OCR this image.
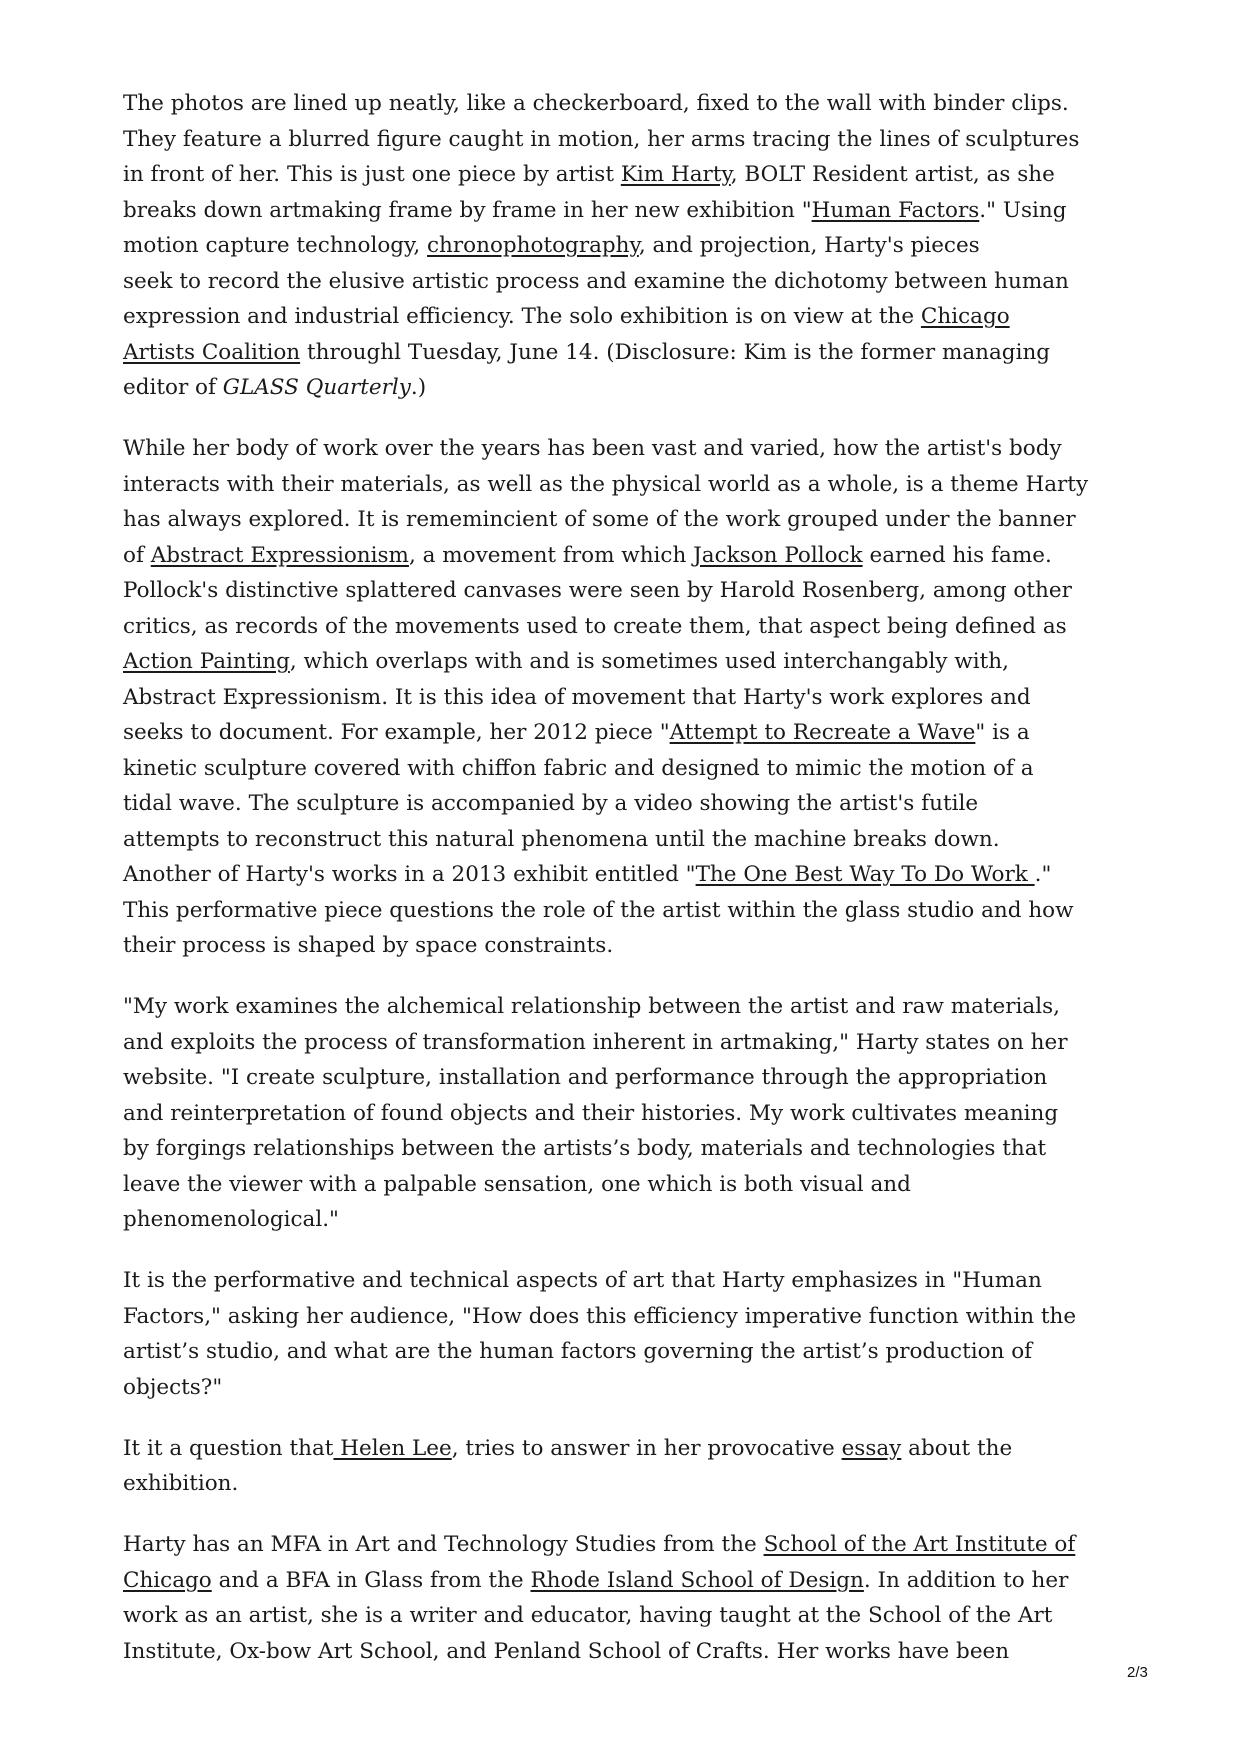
The photos are lined up neatly, like a checkerboard, fixed to the wall with binder clips.
They feature a blurred figure caught in motion, her arms tracing the lines of sculptures
in front of her. This is just one piece by artist Kim Harty, BOLT Resident artist, as she
breaks down artmaking frame by frame in her new exhibition "Human Factors." Using
motion capture technology, chronophotography, and projection, Harty's pieces
seek to record the elusive artistic process and examine the dichotomy between human
expression and industrial efficiency. The solo exhibition is on view at the Chicago
Artists Coalition throughl Tuesday, June 14. (Disclosure: Kim is the former managing
editor of GLASS Quarterly.)
While her body of work over the years has been vast and varied, how the artist's body
interacts with their materials, as well as the physical world as a whole, is a theme Harty
has always explored. It is rememincient of some of the work grouped under the banner
of Abstract Expressionism, a movement from which Jackson Pollock earned his fame.
Pollock's distinctive splattered canvases were seen by Harold Rosenberg, among other
critics, as records of the movements used to create them, that aspect being defined as
Action Painting, which overlaps with and is sometimes used interchangably with,
Abstract Expressionism. It is this idea of movement that Harty's work explores and
seeks to document. For example, her 2012 piece "Attempt to Recreate a Wave" is a
kinetic sculpture covered with chiffon fabric and designed to mimic the motion of a
tidal wave. The sculpture is accompanied by a video showing the artist's futile
attempts to reconstruct this natural phenomena until the machine breaks down.
Another of Harty's works in a 2013 exhibit entitled "The One Best Way To Do Work ."
This performative piece questions the role of the artist within the glass studio and how
their process is shaped by space constraints.
"My work examines the alchemical relationship between the artist and raw materials,
and exploits the process of transformation inherent in artmaking," Harty states on her
website. "I create sculpture, installation and performance through the appropriation
and reinterpretation of found objects and their histories. My work cultivates meaning
by forgings relationships between the artists’s body, materials and technologies that
leave the viewer with a palpable sensation, one which is both visual and
phenomenological."
It is the performative and technical aspects of art that Harty emphasizes in "Human
Factors," asking her audience, "How does this efficiency imperative function within the
artist’s studio, and what are the human factors governing the artist’s production of
objects?"
It it a question that Helen Lee, tries to answer in her provocative essay about the
exhibition.
Harty has an MFA in Art and Technology Studies from the School of the Art Institute of
Chicago and a BFA in Glass from the Rhode Island School of Design. In addition to her
work as an artist, she is a writer and educator, having taught at the School of the Art
Institute, Ox-bow Art School, and Penland School of Crafts. Her works have been
2/3
